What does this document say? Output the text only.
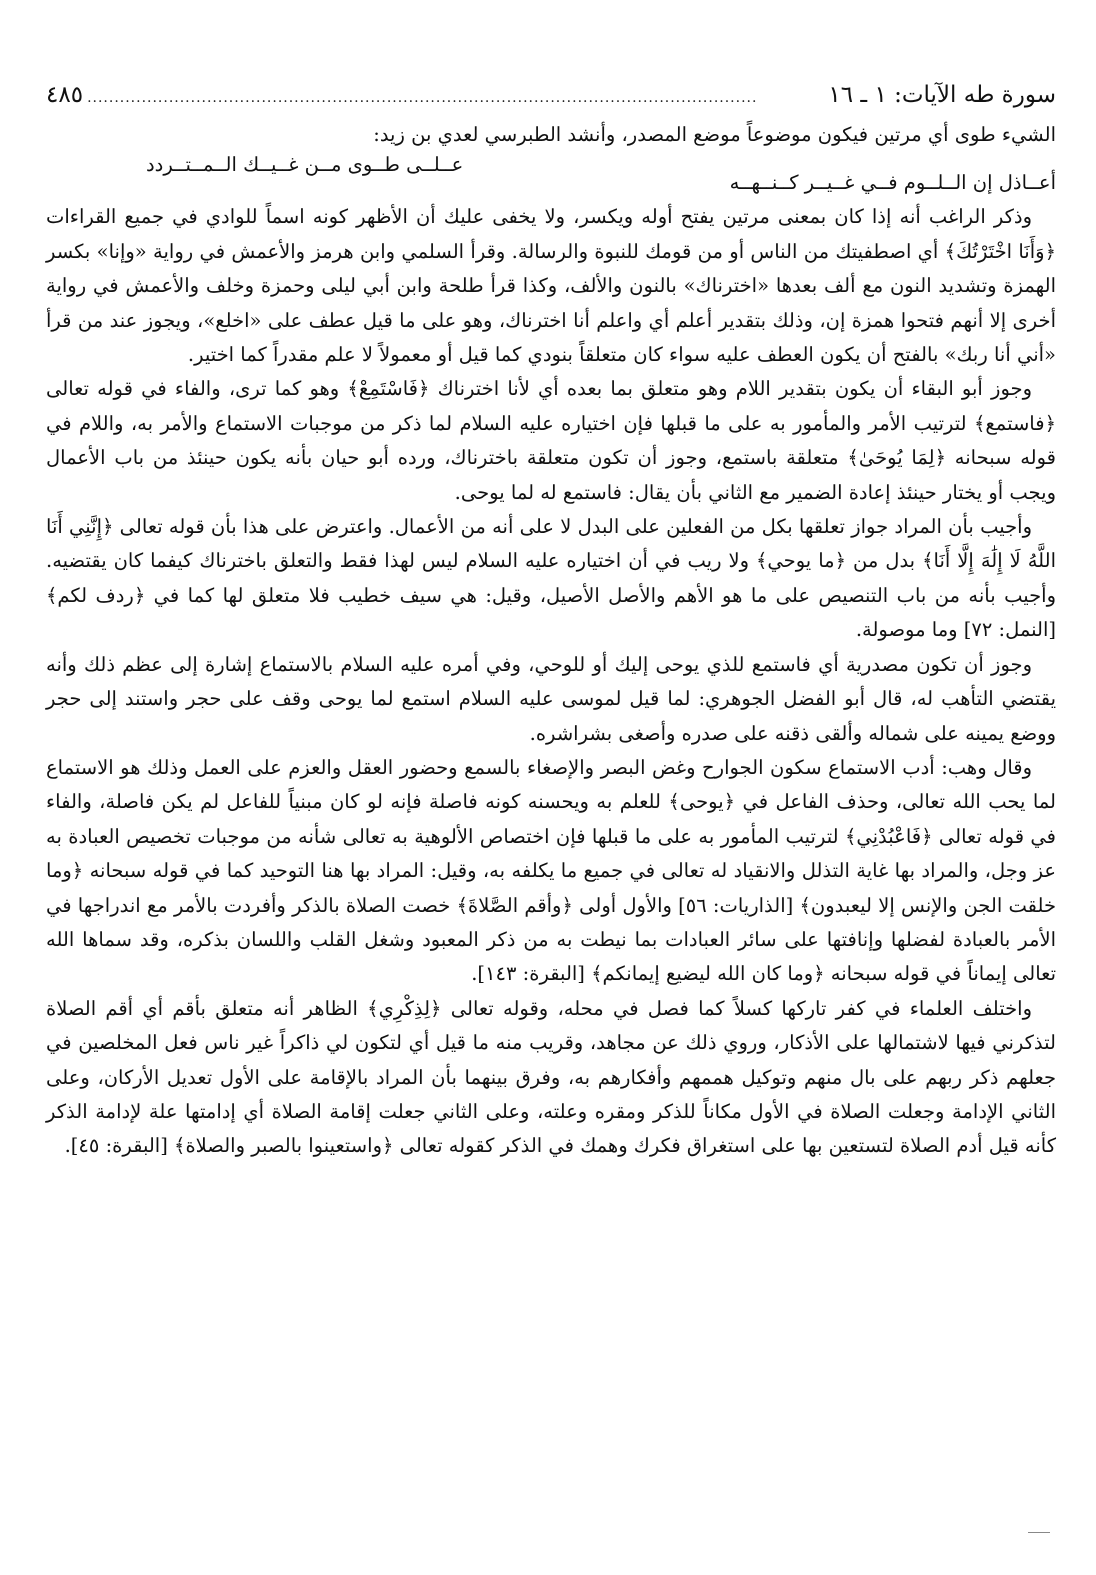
سورة طه الآيات: ١ ـ ١٦
...........................................................................................................................
٤٨٥

الشيء طوى أي مرتين فيكون موضوعاً موضع المصدر، وأنشد الطبرسي لعدي بن زيد:

أعــاذل إن الــلــوم فــي غــيــر كــنــهــه
عــلــى طــوى مــن غــيــك الــمــتــردد

وذكر الراغب أنه إذا كان بمعنى مرتين يفتح أوله ويكسر، ولا يخفى عليك أن الأظهر كونه اسماً للوادي في جميع القراءات ﴿وَأَنَا اخْتَرْتُكَ﴾ أي اصطفيتك من الناس أو من قومك للنبوة والرسالة. وقرأ السلمي وابن هرمز والأعمش في رواية «وإنا» بكسر الهمزة وتشديد النون مع ألف بعدها «اخترناك» بالنون والألف، وكذا قرأ طلحة وابن أبي ليلى وحمزة وخلف والأعمش في رواية أخرى إلا أنهم فتحوا همزة إن، وذلك بتقدير أعلم أي واعلم أنا اخترناك، وهو على ما قيل عطف على «اخلع»، ويجوز عند من قرأ «أني أنا ربك» بالفتح أن يكون العطف عليه سواء كان متعلقاً بنودي كما قيل أو معمولاً لا علم مقدراً كما اختير.

وجوز أبو البقاء أن يكون بتقدير اللام وهو متعلق بما بعده أي لأنا اخترناك ﴿فَاسْتَمِعْ﴾ وهو كما ترى، والفاء في قوله تعالى ﴿فاستمع﴾ لترتيب الأمر والمأمور به على ما قبلها فإن اختياره عليه السلام لما ذكر من موجبات الاستماع والأمر به، واللام في قوله سبحانه ﴿لِمَا يُوحَىٰ﴾ متعلقة باستمع، وجوز أن تكون متعلقة باخترناك، ورده أبو حيان بأنه يكون حينئذ من باب الأعمال ويجب أو يختار حينئذ إعادة الضمير مع الثاني بأن يقال: فاستمع له لما يوحى.

وأجيب بأن المراد جواز تعلقها بكل من الفعلين على البدل لا على أنه من الأعمال. واعترض على هذا بأن قوله تعالى ﴿إِنَّنِي أَنَا اللَّهُ لَا إِلَٰهَ إِلَّا أَنَا﴾ بدل من ﴿ما يوحي﴾ ولا ريب في أن اختياره عليه السلام ليس لهذا فقط والتعلق باخترناك كيفما كان يقتضيه. وأجيب بأنه من باب التنصيص على ما هو الأهم والأصل الأصيل، وقيل: هي سيف خطيب فلا متعلق لها كما في ﴿ردف لكم﴾ [النمل: ٧٢] وما موصولة.

وجوز أن تكون مصدرية أي فاستمع للذي يوحى إليك أو للوحي، وفي أمره عليه السلام بالاستماع إشارة إلى عظم ذلك وأنه يقتضي التأهب له، قال أبو الفضل الجوهري: لما قيل لموسى عليه السلام استمع لما يوحى وقف على حجر واستند إلى حجر ووضع يمينه على شماله وألقى ذقنه على صدره وأصغى بشراشره.

وقال وهب: أدب الاستماع سكون الجوارح وغض البصر والإصغاء بالسمع وحضور العقل والعزم على العمل وذلك هو الاستماع لما يحب الله تعالى، وحذف الفاعل في ﴿يوحى﴾ للعلم به ويحسنه كونه فاصلة فإنه لو كان مبنياً للفاعل لم يكن فاصلة، والفاء في قوله تعالى ﴿فَاعْبُدْنِي﴾ لترتيب المأمور به على ما قبلها فإن اختصاص الألوهية به تعالى شأنه من موجبات تخصيص العبادة به عز وجل، والمراد بها غاية التذلل والانقياد له تعالى في جميع ما يكلفه به، وقيل: المراد بها هنا التوحيد كما في قوله سبحانه ﴿وما خلقت الجن والإنس إلا ليعبدون﴾ [الذاريات: ٥٦] والأول أولى ﴿وأقم الصَّلاةَ﴾ خصت الصلاة بالذكر وأفردت بالأمر مع اندراجها في الأمر بالعبادة لفضلها وإنافتها على سائر العبادات بما نيطت به من ذكر المعبود وشغل القلب واللسان بذكره، وقد سماها الله تعالى إيماناً في قوله سبحانه ﴿وما كان الله ليضيع إيمانكم﴾ [البقرة: ١٤٣].

واختلف العلماء في كفر تاركها كسلاً كما فصل في محله، وقوله تعالى ﴿لِذِكْرِي﴾ الظاهر أنه متعلق بأقم أي أقم الصلاة لتذكرني فيها لاشتمالها على الأذكار، وروي ذلك عن مجاهد، وقريب منه ما قيل أي لتكون لي ذاكراً غير ناس فعل المخلصين في جعلهم ذكر ربهم على بال منهم وتوكيل هممهم وأفكارهم به، وفرق بينهما بأن المراد بالإقامة على الأول تعديل الأركان، وعلى الثاني الإدامة وجعلت الصلاة في الأول مكاناً للذكر ومقره وعلته، وعلى الثاني جعلت إقامة الصلاة أي إدامتها علة لإدامة الذكر كأنه قيل أدم الصلاة لتستعين بها على استغراق فكرك وهمك في الذكر كقوله تعالى ﴿واستعينوا بالصبر والصلاة﴾ [البقرة: ٤٥].
